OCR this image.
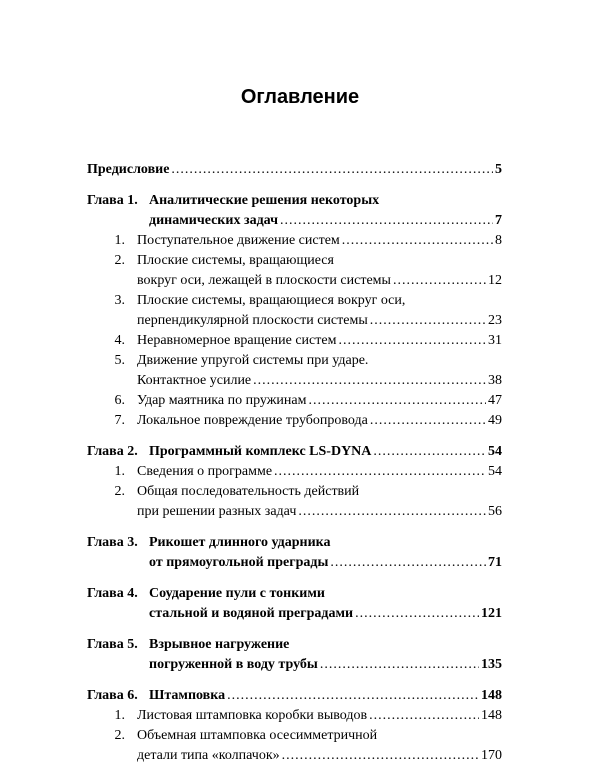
Оглавление
Предисловие .....	5
Глава 1. Аналитические решения некоторых
динамических задач .....	7
1. Поступательное движение систем .....	8
2. Плоские системы, вращающиеся
вокруг оси, лежащей в плоскости системы .....	12
3. Плоские системы, вращающиеся вокруг оси,
перпендикулярной плоскости системы .....	23
4. Неравномерное вращение систем .....	31
5. Движение упругой системы при ударе.
Контактное усилие .....	38
6. Удар маятника по пружинам .....	47
7. Локальное повреждение трубопровода .....	49
Глава 2. Программный комплекс LS-DYNA .....	54
1. Сведения о программе .....	54
2. Общая последовательность действий
при решении разных задач .....	56
Глава 3. Рикошет длинного ударника
от прямоугольной преграды .....	71
Глава 4. Соударение пули с тонкими
стальной и водяной преградами .....	121
Глава 5. Взрывное нагружение
погруженной в воду трубы .....	135
Глава 6. Штамповка .....	148
1. Листовая штамповка коробки выводов .....	148
2. Объемная штамповка осесимметричной
детали типа «колпачок» .....	170
